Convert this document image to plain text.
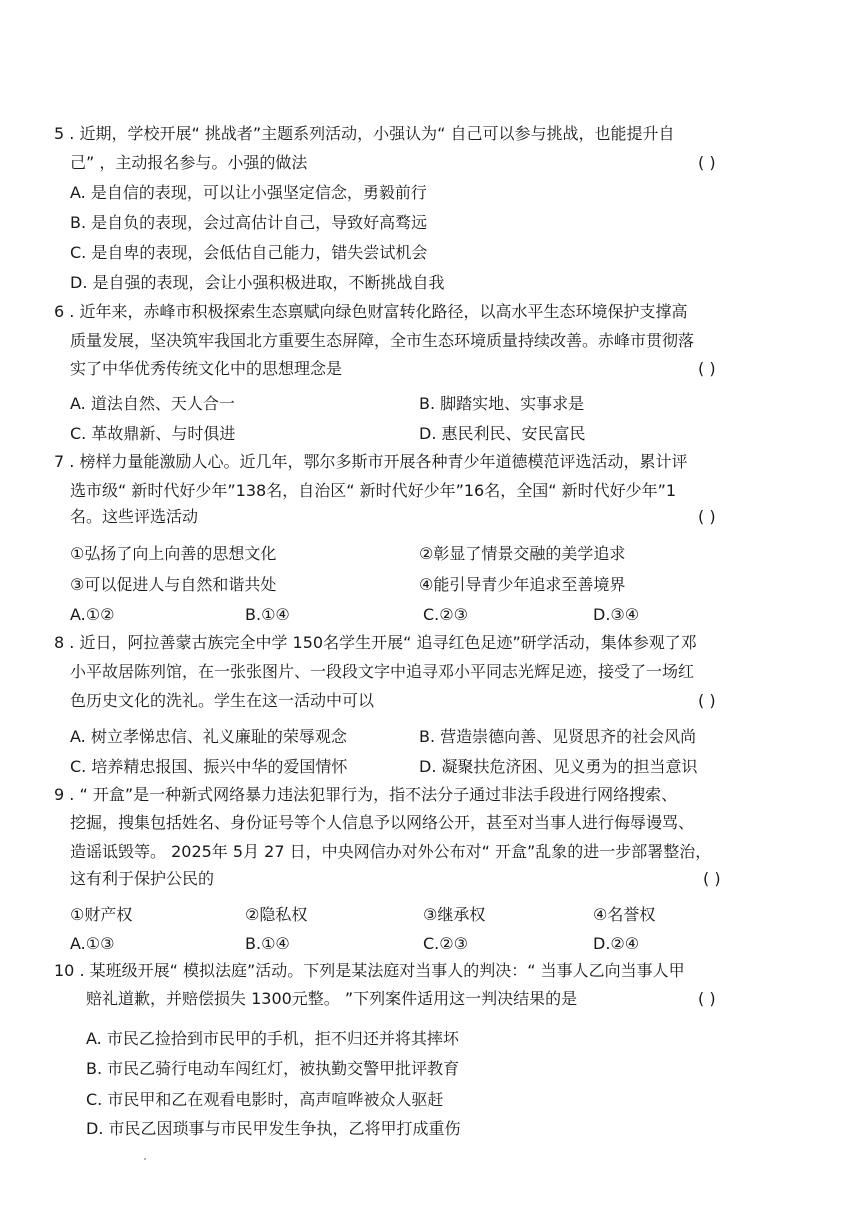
5 . 近期，学校开展“ 挑战者”主题系列活动，小强认为“ 自己可以参与挑战，也能提升自
己” ，主动报名参与。小强的做法	( )
A. 是自信的表现，可以让小强坚定信念，勇毅前行
B. 是自负的表现，会过高估计自己，导致好高骛远
C. 是自卑的表现，会低估自己能力，错失尝试机会
D. 是自强的表现，会让小强积极进取，不断挑战自我
6 . 近年来，赤峰市积极探索生态禀赋向绿色财富转化路径，以高水平生态环境保护支撑高
质量发展，坚决筑牢我国北方重要生态屏障，全市生态环境质量持续改善。赤峰市贯彻落
实了中华优秀传统文化中的思想理念是	( )
A. 道法自然、天人合一	B. 脚踏实地、实事求是
C. 革故鼎新、与时俱进	D. 惠民利民、安民富民
7 . 榜样力量能激励人心。近几年，鄂尔多斯市开展各种青少年道德模范评选活动，累计评
选市级“ 新时代好少年”138名，自治区“ 新时代好少年”16名，全国“ 新时代好少年”1
名。这些评选活动	( )
①弘扬了向上向善的思想文化	②彰显了情景交融的美学追求
③可以促进人与自然和谐共处	④能引导青少年追求至善境界
A.①②	B.①④	C.②③	D.③④
8 . 近日，阿拉善蒙古族完全中学 150名学生开展“ 追寻红色足迹”研学活动，集体参观了邓
小平故居陈列馆，在一张张图片、一段段文字中追寻邓小平同志光辉足迹，接受了一场红
色历史文化的洗礼。学生在这一活动中可以	( )
A. 树立孝悌忠信、礼义廉耻的荣辱观念	B. 营造崇德向善、见贤思齐的社会风尚
C. 培养精忠报国、振兴中华的爱国情怀	D. 凝聚扶危济困、见义勇为的担当意识
9 . “ 开盒”是一种新式网络暴力违法犯罪行为，指不法分子通过非法手段进行网络搜索、
挖掘，搜集包括姓名、身份证号等个人信息予以网络公开，甚至对当事人进行侮辱谩骂、
造谣诋毁等。 2025年 5月 27 日，中央网信办对外公布对“ 开盒”乱象的进一步部署整治，
这有利于保护公民的	( )
①财产权	②隐私权	③继承权	④名誉权
A.①③	B.①④	C.②③	D.②④
10 . 某班级开展“ 模拟法庭”活动。下列是某法庭对当事人的判决：“ 当事人乙向当事人甲
赔礼道歉，并赔偿损失 1300元整。 ”下列案件适用这一判决结果的是	( )
A. 市民乙捡拾到市民甲的手机，拒不归还并将其摔坏
B. 市民乙骑行电动车闯红灯，被执勤交警甲批评教育
C. 市民甲和乙在观看电影时，高声喧哗被众人驱赶
D. 市民乙因琐事与市民甲发生争执，乙将甲打成重伤
